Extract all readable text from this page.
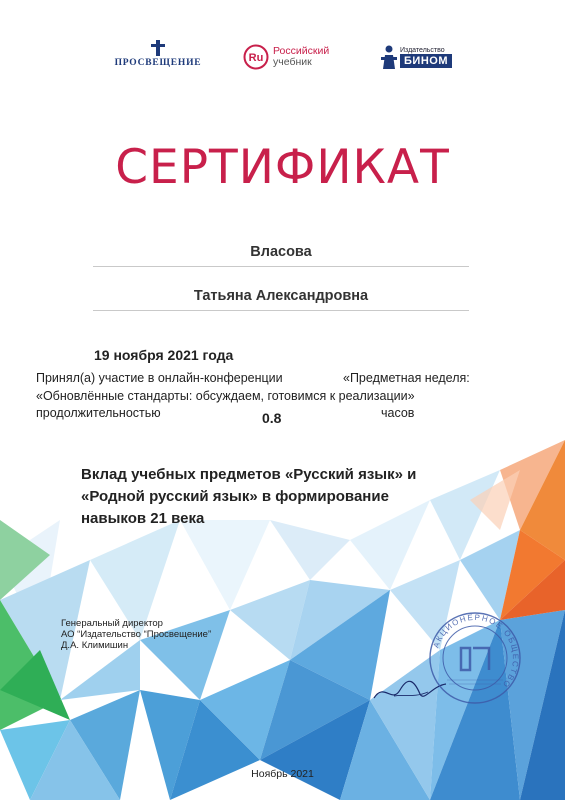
ПРОСВЕЩЕНИЕ	Ru
Российский
учебник
Издательство
БИНОМ
СЕРТИФИКАТ
Власова
Татьяна Александровна
19 ноября 2021 года
Принял(а) участие в онлайн-конференции	«Предметная неделя:
«Обновлённые стандарты: обсуждаем, готовимся к реализации»
продолжительностью	0.8	часов
Вклад учебных предметов «Русский язык» и
«Родной русский язык» в формирование
навыков 21 века
Генеральный директор
АО “Издательство “Просвещение”
Д.А. Климишин	АКЦИОНЕРНОЕ ОБЩЕСТВО
Ноябрь 2021
